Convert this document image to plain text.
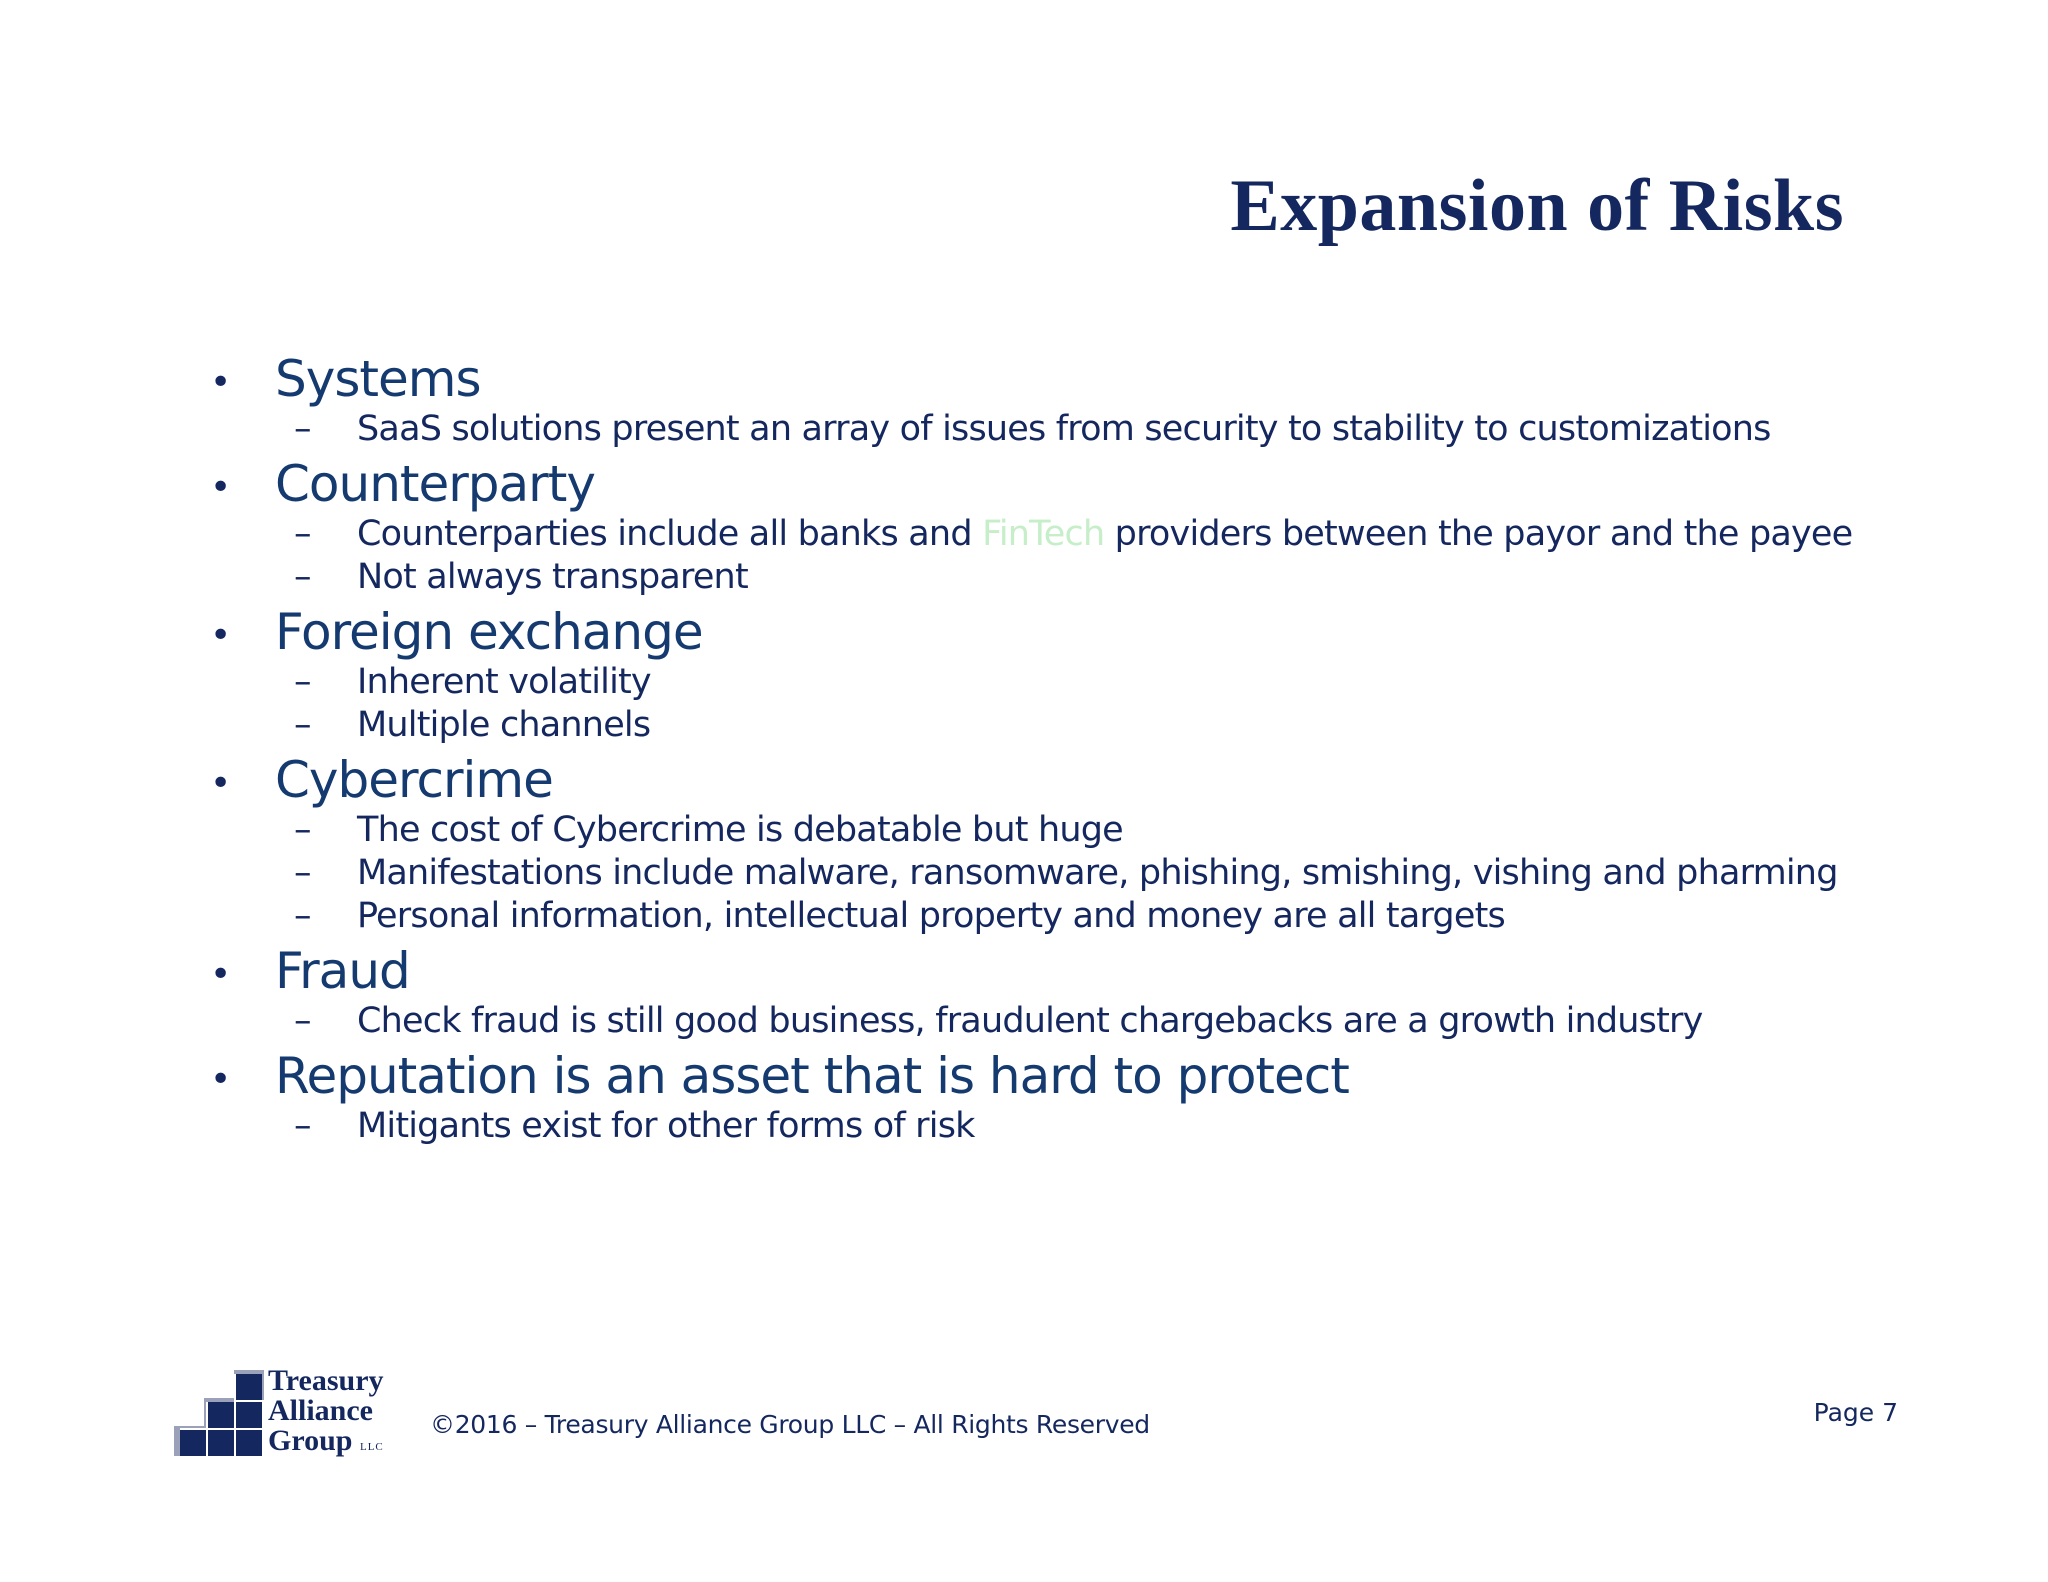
Expansion of Risks
• Systems
– SaaS solutions present an array of issues from security to stability to customizations
• Counterparty
– Counterparties include all banks and FinTech providers between the payor and the payee
– Not always transparent
• Foreign exchange
– Inherent volatility
– Multiple channels
• Cybercrime
– The cost of Cybercrime is debatable but huge
– Manifestations include malware, ransomware, phishing, smishing, vishing and pharming
– Personal information, intellectual property and money are all targets
• Fraud
– Check fraud is still good business, fraudulent chargebacks are a growth industry
• Reputation is an asset that is hard to protect
– Mitigants exist for other forms of risk
Treasury
Alliance
Group LLC
©2016 – Treasury Alliance Group LLC – All Rights Reserved	Page 7
